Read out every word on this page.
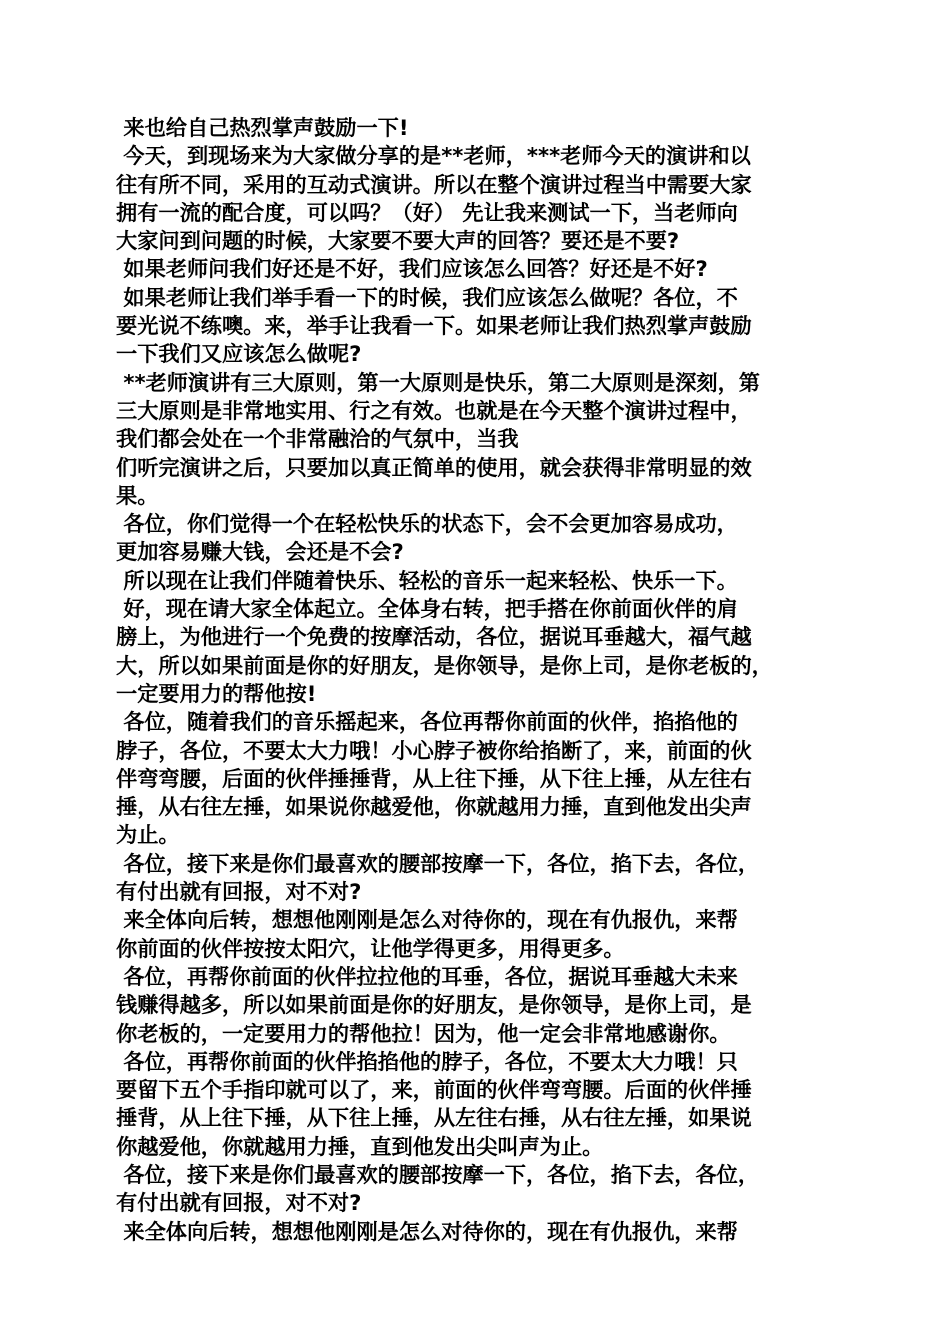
来也给自己热烈掌声鼓励一下!
今天，到现场来为大家做分享的是**老师，***老师今天的演讲和以
往有所不同，采用的互动式演讲。所以在整个演讲过程当中需要大家
拥有一流的配合度，可以吗？（好） 先让我来测试一下，当老师向
大家问到问题的时候，大家要不要大声的回答？要还是不要?
如果老师问我们好还是不好，我们应该怎么回答？好还是不好?
如果老师让我们举手看一下的时候，我们应该怎么做呢？各位，不
要光说不练噢。来，举手让我看一下。如果老师让我们热烈掌声鼓励
一下我们又应该怎么做呢?
**老师演讲有三大原则，第一大原则是快乐，第二大原则是深刻，第
三大原则是非常地实用、行之有效。也就是在今天整个演讲过程中，
我们都会处在一个非常融洽的气氛中，当我
们听完演讲之后，只要加以真正简单的使用，就会获得非常明显的效
果。
各位，你们觉得一个在轻松快乐的状态下，会不会更加容易成功，
更加容易赚大钱，会还是不会?
所以现在让我们伴随着快乐、轻松的音乐一起来轻松、快乐一下。
好，现在请大家全体起立。全体身右转，把手搭在你前面伙伴的肩
膀上，为他进行一个免费的按摩活动，各位，据说耳垂越大，福气越
大，所以如果前面是你的好朋友，是你领导，是你上司，是你老板的，
一定要用力的帮他按!
各位，随着我们的音乐摇起来，各位再帮你前面的伙伴，掐掐他的
脖子，各位，不要太大力哦！小心脖子被你给掐断了，来，前面的伙
伴弯弯腰，后面的伙伴捶捶背，从上往下捶，从下往上捶，从左往右
捶，从右往左捶，如果说你越爱他，你就越用力捶，直到他发出尖声
为止。
各位，接下来是你们最喜欢的腰部按摩一下，各位，掐下去，各位，
有付出就有回报，对不对?
来全体向后转，想想他刚刚是怎么对待你的，现在有仇报仇，来帮
你前面的伙伴按按太阳穴，让他学得更多，用得更多。
各位，再帮你前面的伙伴拉拉他的耳垂，各位，据说耳垂越大未来
钱赚得越多，所以如果前面是你的好朋友，是你领导，是你上司，是
你老板的，一定要用力的帮他拉！因为，他一定会非常地感谢你。
各位，再帮你前面的伙伴掐掐他的脖子，各位，不要太大力哦！只
要留下五个手指印就可以了，来，前面的伙伴弯弯腰。后面的伙伴捶
捶背，从上往下捶，从下往上捶，从左往右捶，从右往左捶，如果说
你越爱他，你就越用力捶，直到他发出尖叫声为止。
各位，接下来是你们最喜欢的腰部按摩一下，各位，掐下去，各位，
有付出就有回报，对不对?
来全体向后转，想想他刚刚是怎么对待你的，现在有仇报仇，来帮
